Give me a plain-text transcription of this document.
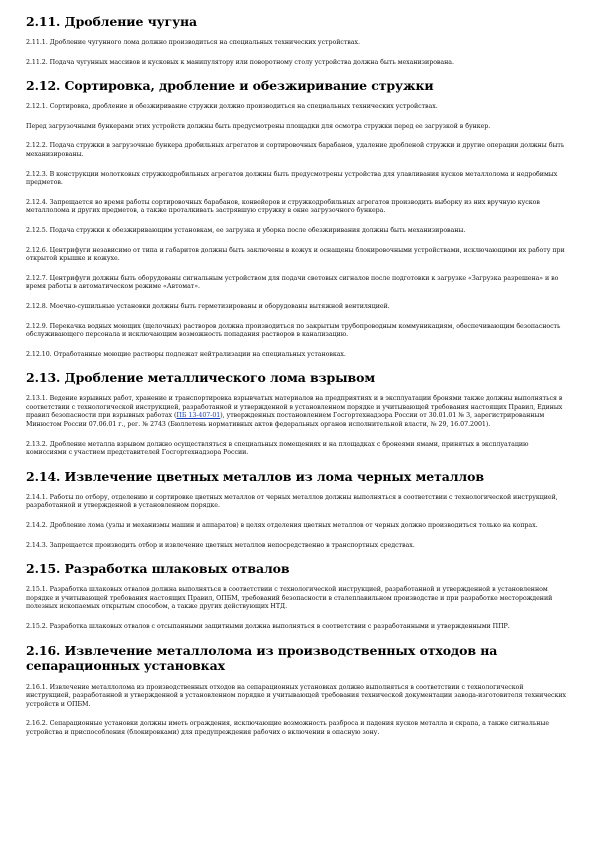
2.11. Дробление чугуна

2.11.1. Дробление чугунного лома должно производиться на специальных технических устройствах.

2.11.2. Подача чугунных массивов и кусковых к манипулятору или поворотному столу устройства должна быть механизирована.

2.12. Сортировка, дробление и обезжиривание стружки

2.12.1. Сортировка, дробление и обезжиривание стружки должно производиться на специальных технических устройствах.

Перед загрузочными бункерами этих устройств должны быть предусмотрены площадки для осмотра стружки перед ее загрузкой в бункер.

2.12.2. Подача стружки в загрузочные бункера дробильных агрегатов и сортировочных барабанов, удаление дробленой стружки и другие операции должны быть механизированы.

2.12.3. В конструкции молотковых стружкодробильных агрегатов должны быть предусмотрены устройства для улавливания кусков металлолома и недробимых предметов.

2.12.4. Запрещается во время работы сортировочных барабанов, конвейеров и стружкодробильных агрегатов производить выборку из них вручную кусков металлолома и других предметов, а также проталкивать застрявшую стружку в окне загрузочного бункера.

2.12.5. Подача стружки к обезжиривающим установкам, ее загрузка и уборка после обезжиривания должны быть механизированы.

2.12.6. Центрифуги независимо от типа и габаритов должны быть заключены в кожух и оснащены блокировочными устройствами, исключающими их работу при открытой крышке и кожухе.

2.12.7. Центрифуги должны быть оборудованы сигнальным устройством для подачи световых сигналов после подготовки к загрузке «Загрузка разрешена» и во время работы в автоматическом режиме «Автомат».

2.12.8. Моечно-сушильные установки должны быть герметизированы и оборудованы вытяжной вентиляцией.

2.12.9. Перекачка водных моющих (щелочных) растворов должна производиться по закрытым трубопроводным коммуникациям, обеспечивающим безопасность обслуживающего персонала и исключающим возможность попадания растворов в канализацию.

2.12.10. Отработанные моющие растворы подлежат нейтрализации на специальных установках.

2.13. Дробление металлического лома взрывом

2.13.1. Ведение взрывных работ, хранение и транспортировка взрывчатых материалов на предприятиях и в эксплуатации бронями также должны выполняться в соответствии с технологической инструкцией, разработанной и утвержденной в установленном порядке и учитывающей требования настоящих Правил, Единых правил безопасности при взрывных работах (ПБ 13-407-01), утвержденных постановлением Госгортехнадзора России от 30.01.01 № 3, зарегистрированным Минюстом России 07.06.01 г., рег. № 2743 (Бюллетень нормативных актов федеральных органов исполнительной власти, № 29, 16.07.2001).

2.13.2. Дробление металла взрывом должно осуществляться в специальных помещениях и на площадках с бронеями ямами, принятых в эксплуатацию комиссиями с участием представителей Госгортехнадзора России.

2.14. Извлечение цветных металлов из лома черных металлов

2.14.1. Работы по отбору, отделению и сортировке цветных металлов от черных металлов должны выполняться в соответствии с технологической инструкцией, разработанной и утвержденной в установленном порядке.

2.14.2. Дробление лома (узлы и механизмы машин и аппаратов) в целях отделения цветных металлов от черных должно производиться только на копрах.

2.14.3. Запрещается производить отбор и извлечение цветных металлов непосредственно в транспортных средствах.

2.15. Разработка шлаковых отвалов

2.15.1. Разработка шлаковых отвалов должна выполняться в соответствии с технологической инструкцией, разработанной и утвержденной в установленном порядке и учитывающей требования настоящих Правил, ОПБМ, требований безопасности в сталеплавильном производстве и при разработке месторождений полезных ископаемых открытым способом, а также других действующих НТД.

2.15.2. Разработка шлаковых отвалов с отсыпанными защитными должна выполняться в соответствии с разработанными и утвержденными ППР.

2.16. Извлечение металлолома из производственных отходов на сепарационных установках

2.16.1. Извлечение металлолома из производственных отходов на сепарационных установках должно выполняться в соответствии с технологической инструкцией, разработанной и утвержденной в установленном порядке и учитывающей требования технической документации завода-изготовителя технических устройств и ОПБМ.

2.16.2. Сепарационные установки должны иметь ограждения, исключающие возможность разброса и падения кусков металла и скрапа, а также сигнальные устройства и приспособления (блокировками) для предупреждения рабочих о включении в опасную зону.
